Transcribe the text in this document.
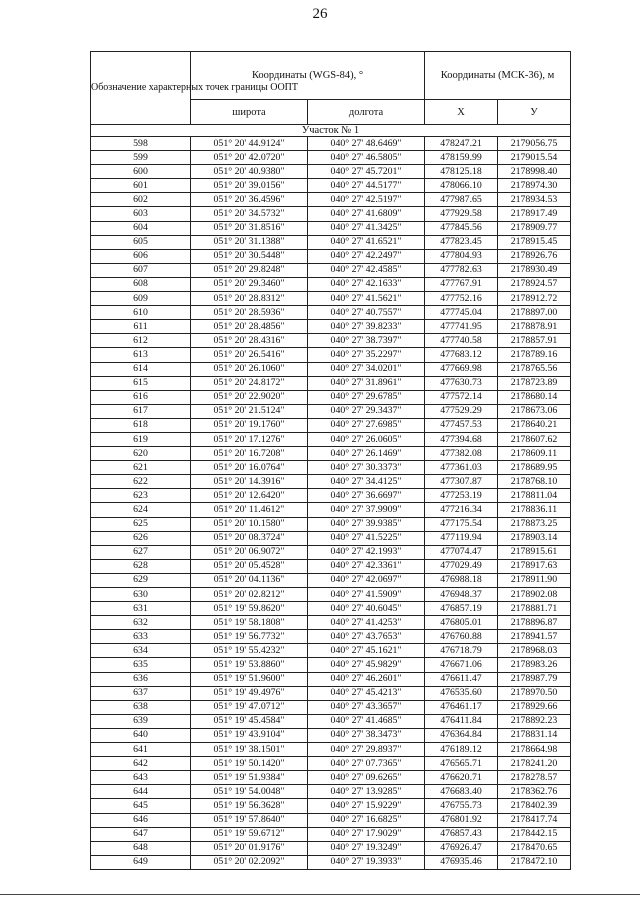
26
Обозначение характерных точек границы ООПТ	Координаты (WGS-84), °		Координаты (МСК-36), м	
	широта	долгота	X	У
Участок № 1				
598	051° 20' 44.9124"	040° 27' 48.6469"	478247.21	2179056.75
599	051° 20' 42.0720"	040° 27' 46.5805"	478159.99	2179015.54
600	051° 20' 40.9380"	040° 27' 45.7201"	478125.18	2178998.40
601	051° 20' 39.0156"	040° 27' 44.5177"	478066.10	2178974.30
602	051° 20' 36.4596"	040° 27' 42.5197"	477987.65	2178934.53
603	051° 20' 34.5732"	040° 27' 41.6809"	477929.58	2178917.49
604	051° 20' 31.8516"	040° 27' 41.3425"	477845.56	2178909.77
605	051° 20' 31.1388"	040° 27' 41.6521"	477823.45	2178915.45
606	051° 20' 30.5448"	040° 27' 42.2497"	477804.93	2178926.76
607	051° 20' 29.8248"	040° 27' 42.4585"	477782.63	2178930.49
608	051° 20' 29.3460"	040° 27' 42.1633"	477767.91	2178924.57
609	051° 20' 28.8312"	040° 27' 41.5621"	477752.16	2178912.72
610	051° 20' 28.5936"	040° 27' 40.7557"	477745.04	2178897.00
611	051° 20' 28.4856"	040° 27' 39.8233"	477741.95	2178878.91
612	051° 20' 28.4316"	040° 27' 38.7397"	477740.58	2178857.91
613	051° 20' 26.5416"	040° 27' 35.2297"	477683.12	2178789.16
614	051° 20' 26.1060"	040° 27' 34.0201"	477669.98	2178765.56
615	051° 20' 24.8172"	040° 27' 31.8961"	477630.73	2178723.89
616	051° 20' 22.9020"	040° 27' 29.6785"	477572.14	2178680.14
617	051° 20' 21.5124"	040° 27' 29.3437"	477529.29	2178673.06
618	051° 20' 19.1760"	040° 27' 27.6985"	477457.53	2178640.21
619	051° 20' 17.1276"	040° 27' 26.0605"	477394.68	2178607.62
620	051° 20' 16.7208"	040° 27' 26.1469"	477382.08	2178609.11
621	051° 20' 16.0764"	040° 27' 30.3373"	477361.03	2178689.95
622	051° 20' 14.3916"	040° 27' 34.4125"	477307.87	2178768.10
623	051° 20' 12.6420"	040° 27' 36.6697"	477253.19	2178811.04
624	051° 20' 11.4612"	040° 27' 37.9909"	477216.34	2178836.11
625	051° 20' 10.1580"	040° 27' 39.9385"	477175.54	2178873.25
626	051° 20' 08.3724"	040° 27' 41.5225"	477119.94	2178903.14
627	051° 20' 06.9072"	040° 27' 42.1993"	477074.47	2178915.61
628	051° 20' 05.4528"	040° 27' 42.3361"	477029.49	2178917.63
629	051° 20' 04.1136"	040° 27' 42.0697"	476988.18	2178911.90
630	051° 20' 02.8212"	040° 27' 41.5909"	476948.37	2178902.08
631	051° 19' 59.8620"	040° 27' 40.6045"	476857.19	2178881.71
632	051° 19' 58.1808"	040° 27' 41.4253"	476805.01	2178896.87
633	051° 19' 56.7732"	040° 27' 43.7653"	476760.88	2178941.57
634	051° 19' 55.4232"	040° 27' 45.1621"	476718.79	2178968.03
635	051° 19' 53.8860"	040° 27' 45.9829"	476671.06	2178983.26
636	051° 19' 51.9600"	040° 27' 46.2601"	476611.47	2178987.79
637	051° 19' 49.4976"	040° 27' 45.4213"	476535.60	2178970.50
638	051° 19' 47.0712"	040° 27' 43.3657"	476461.17	2178929.66
639	051° 19' 45.4584"	040° 27' 41.4685"	476411.84	2178892.23
640	051° 19' 43.9104"	040° 27' 38.3473"	476364.84	2178831.14
641	051° 19' 38.1501"	040° 27' 29.8937"	476189.12	2178664.98
642	051° 19' 50.1420"	040° 27' 07.7365"	476565.71	2178241.20
643	051° 19' 51.9384"	040° 27' 09.6265"	476620.71	2178278.57
644	051° 19' 54.0048"	040° 27' 13.9285"	476683.40	2178362.76
645	051° 19' 56.3628"	040° 27' 15.9229"	476755.73	2178402.39
646	051° 19' 57.8640"	040° 27' 16.6825"	476801.92	2178417.74
647	051° 19' 59.6712"	040° 27' 17.9029"	476857.43	2178442.15
648	051° 20' 01.9176"	040° 27' 19.3249"	476926.47	2178470.65
649	051° 20' 02.2092"	040° 27' 19.3933"	476935.46	2178472.10
